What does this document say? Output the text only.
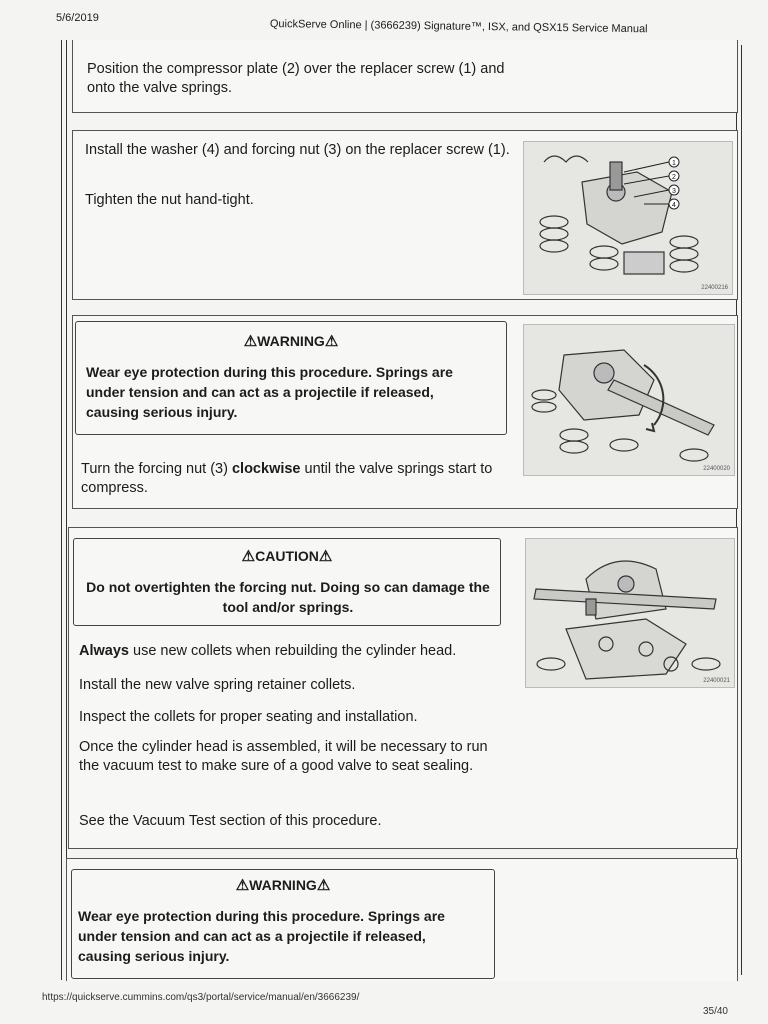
5/6/2019	QuickServe Online | (3666239) Signature™, ISX, and QSX15 Service Manual
Position the compressor plate (2) over the replacer screw (1) and onto the valve springs.
Install the washer (4) and forcing nut (3) on the replacer screw (1).
Tighten the nut hand-tight.
1
2
3
4
22400216
⚠WARNING⚠
Wear eye protection during this procedure. Springs are under tension and can act as a projectile if released, causing serious injury.
Turn the forcing nut (3) clockwise until the valve springs start to compress.
22400020
⚠CAUTION⚠
Do not overtighten the forcing nut. Doing so can damage the tool and/or springs.
Always use new collets when rebuilding the cylinder head.
Install the new valve spring retainer collets.
Inspect the collets for proper seating and installation.
Once the cylinder head is assembled, it will be necessary to run the vacuum test to make sure of a good valve to seat sealing.
See the Vacuum Test section of this procedure.
22400021
⚠WARNING⚠
Wear eye protection during this procedure. Springs are under tension and can act as a projectile if released, causing serious injury.
https://quickserve.cummins.com/qs3/portal/service/manual/en/3666239/
35/40
